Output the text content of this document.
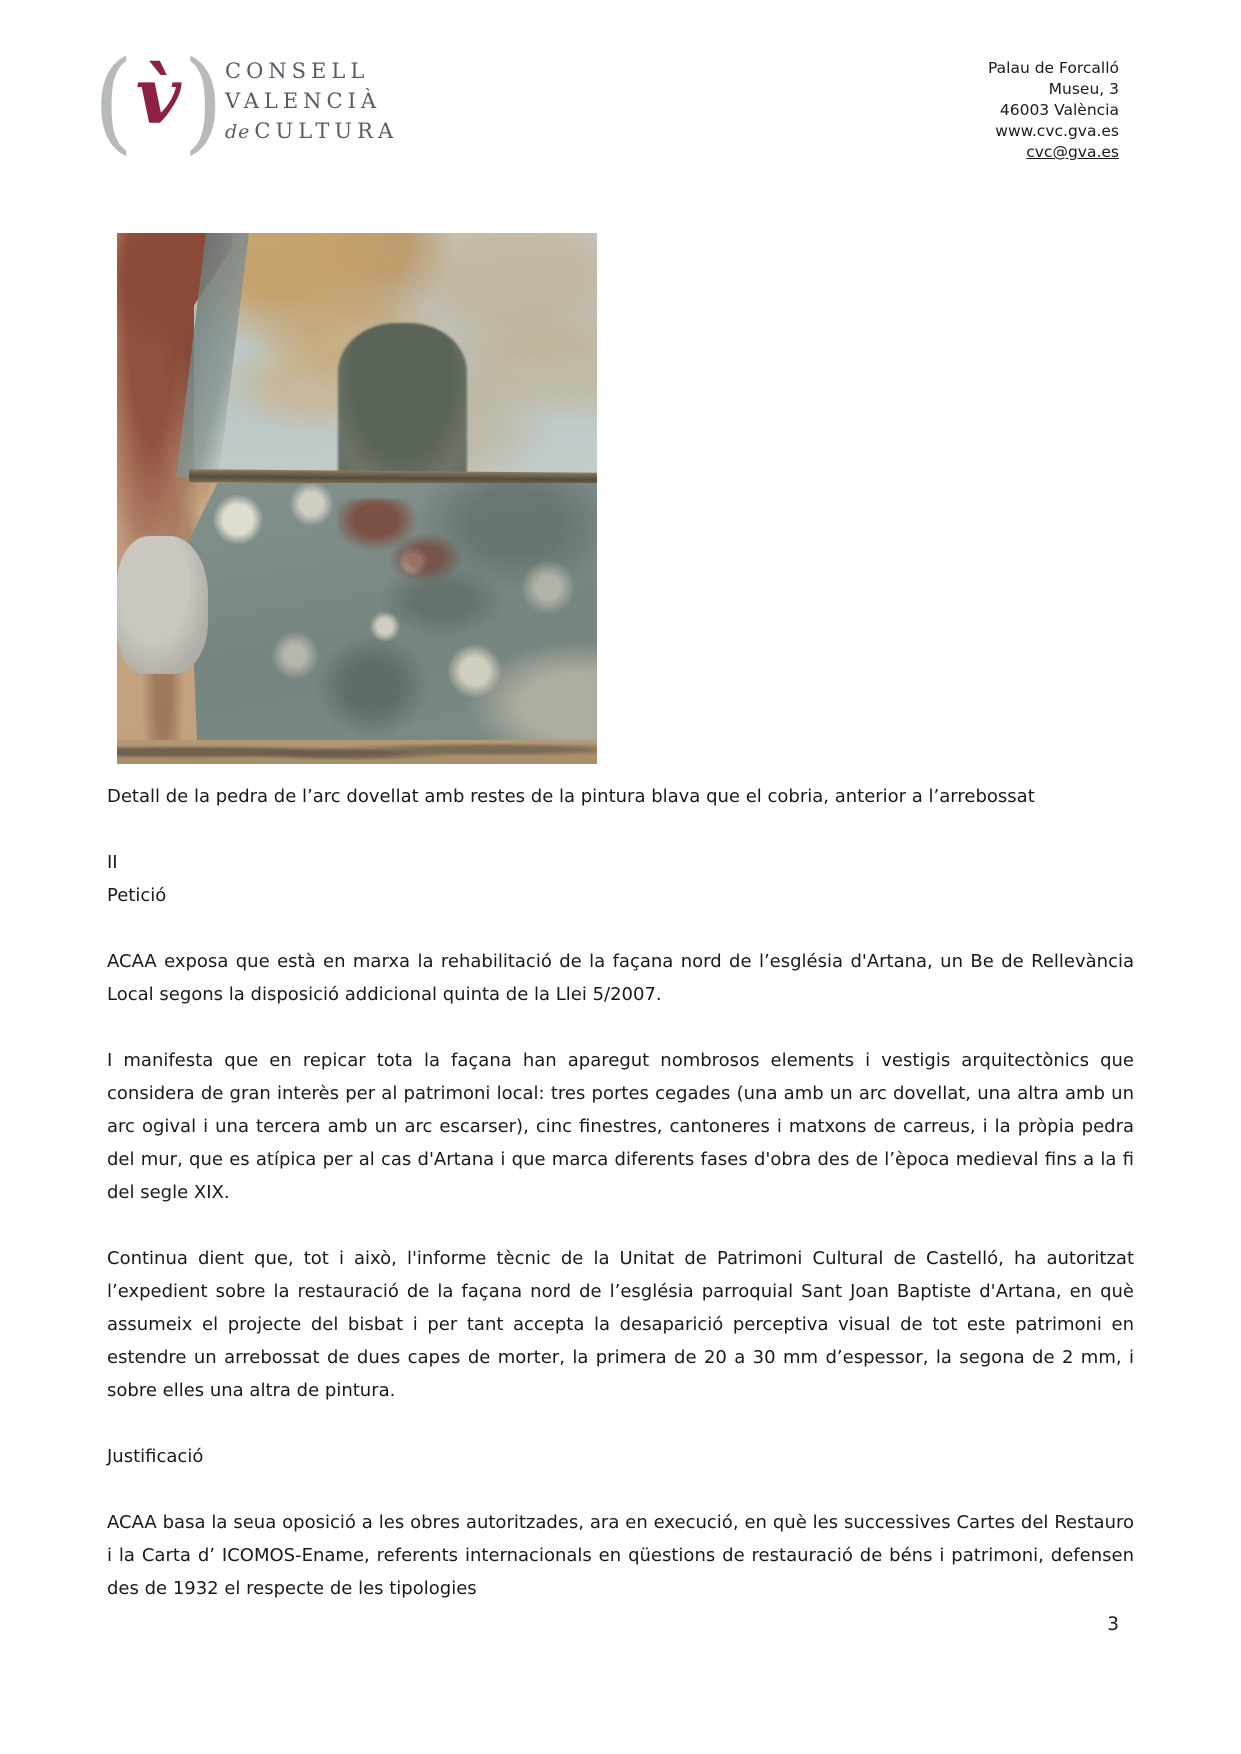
( v̀ ) CONSELL
VALENCIÀ
de CULTURA
Palau de Forcalló
Museu, 3
46003 València
www.cvc.gva.es
cvc@gva.es

Detall de la pedra de l’arc dovellat amb restes de la pintura blava que el cobria, anterior a l’arrebossat

II

Petició

ACAA exposa que està en marxa la rehabilitació de la façana nord de l’església d'Artana, un Be de Rellevància Local segons la disposició addicional quinta de la Llei 5/2007.

I manifesta que en repicar tota la façana han aparegut nombrosos elements i vestigis arquitectònics que considera de gran interès per al patrimoni local: tres portes cegades (una amb un arc dovellat, una altra amb un arc ogival i una tercera amb un arc escarser), cinc finestres, cantoneres i matxons de carreus, i la pròpia pedra del mur, que es atípica per al cas d'Artana i que marca diferents fases d'obra des de l’època medieval fins a la fi del segle XIX.

Continua dient que, tot i això, l'informe tècnic de la Unitat de Patrimoni Cultural de Castelló, ha autoritzat l’expedient sobre la restauració de la façana nord de l’església parroquial Sant Joan Baptiste d'Artana, en què assumeix el projecte del bisbat i per tant accepta la desaparició perceptiva visual de tot este patrimoni en estendre un arrebossat de dues capes de morter, la primera de 20 a 30 mm d’espessor, la segona de 2 mm, i sobre elles una altra de pintura.

Justificació

ACAA basa la seua oposició a les obres autoritzades, ara en execució, en què les successives Cartes del Restauro i la Carta d’ ICOMOS-Ename, referents internacionals en qüestions de restauració de béns i patrimoni, defensen des de 1932 el respecte de les tipologies

3
